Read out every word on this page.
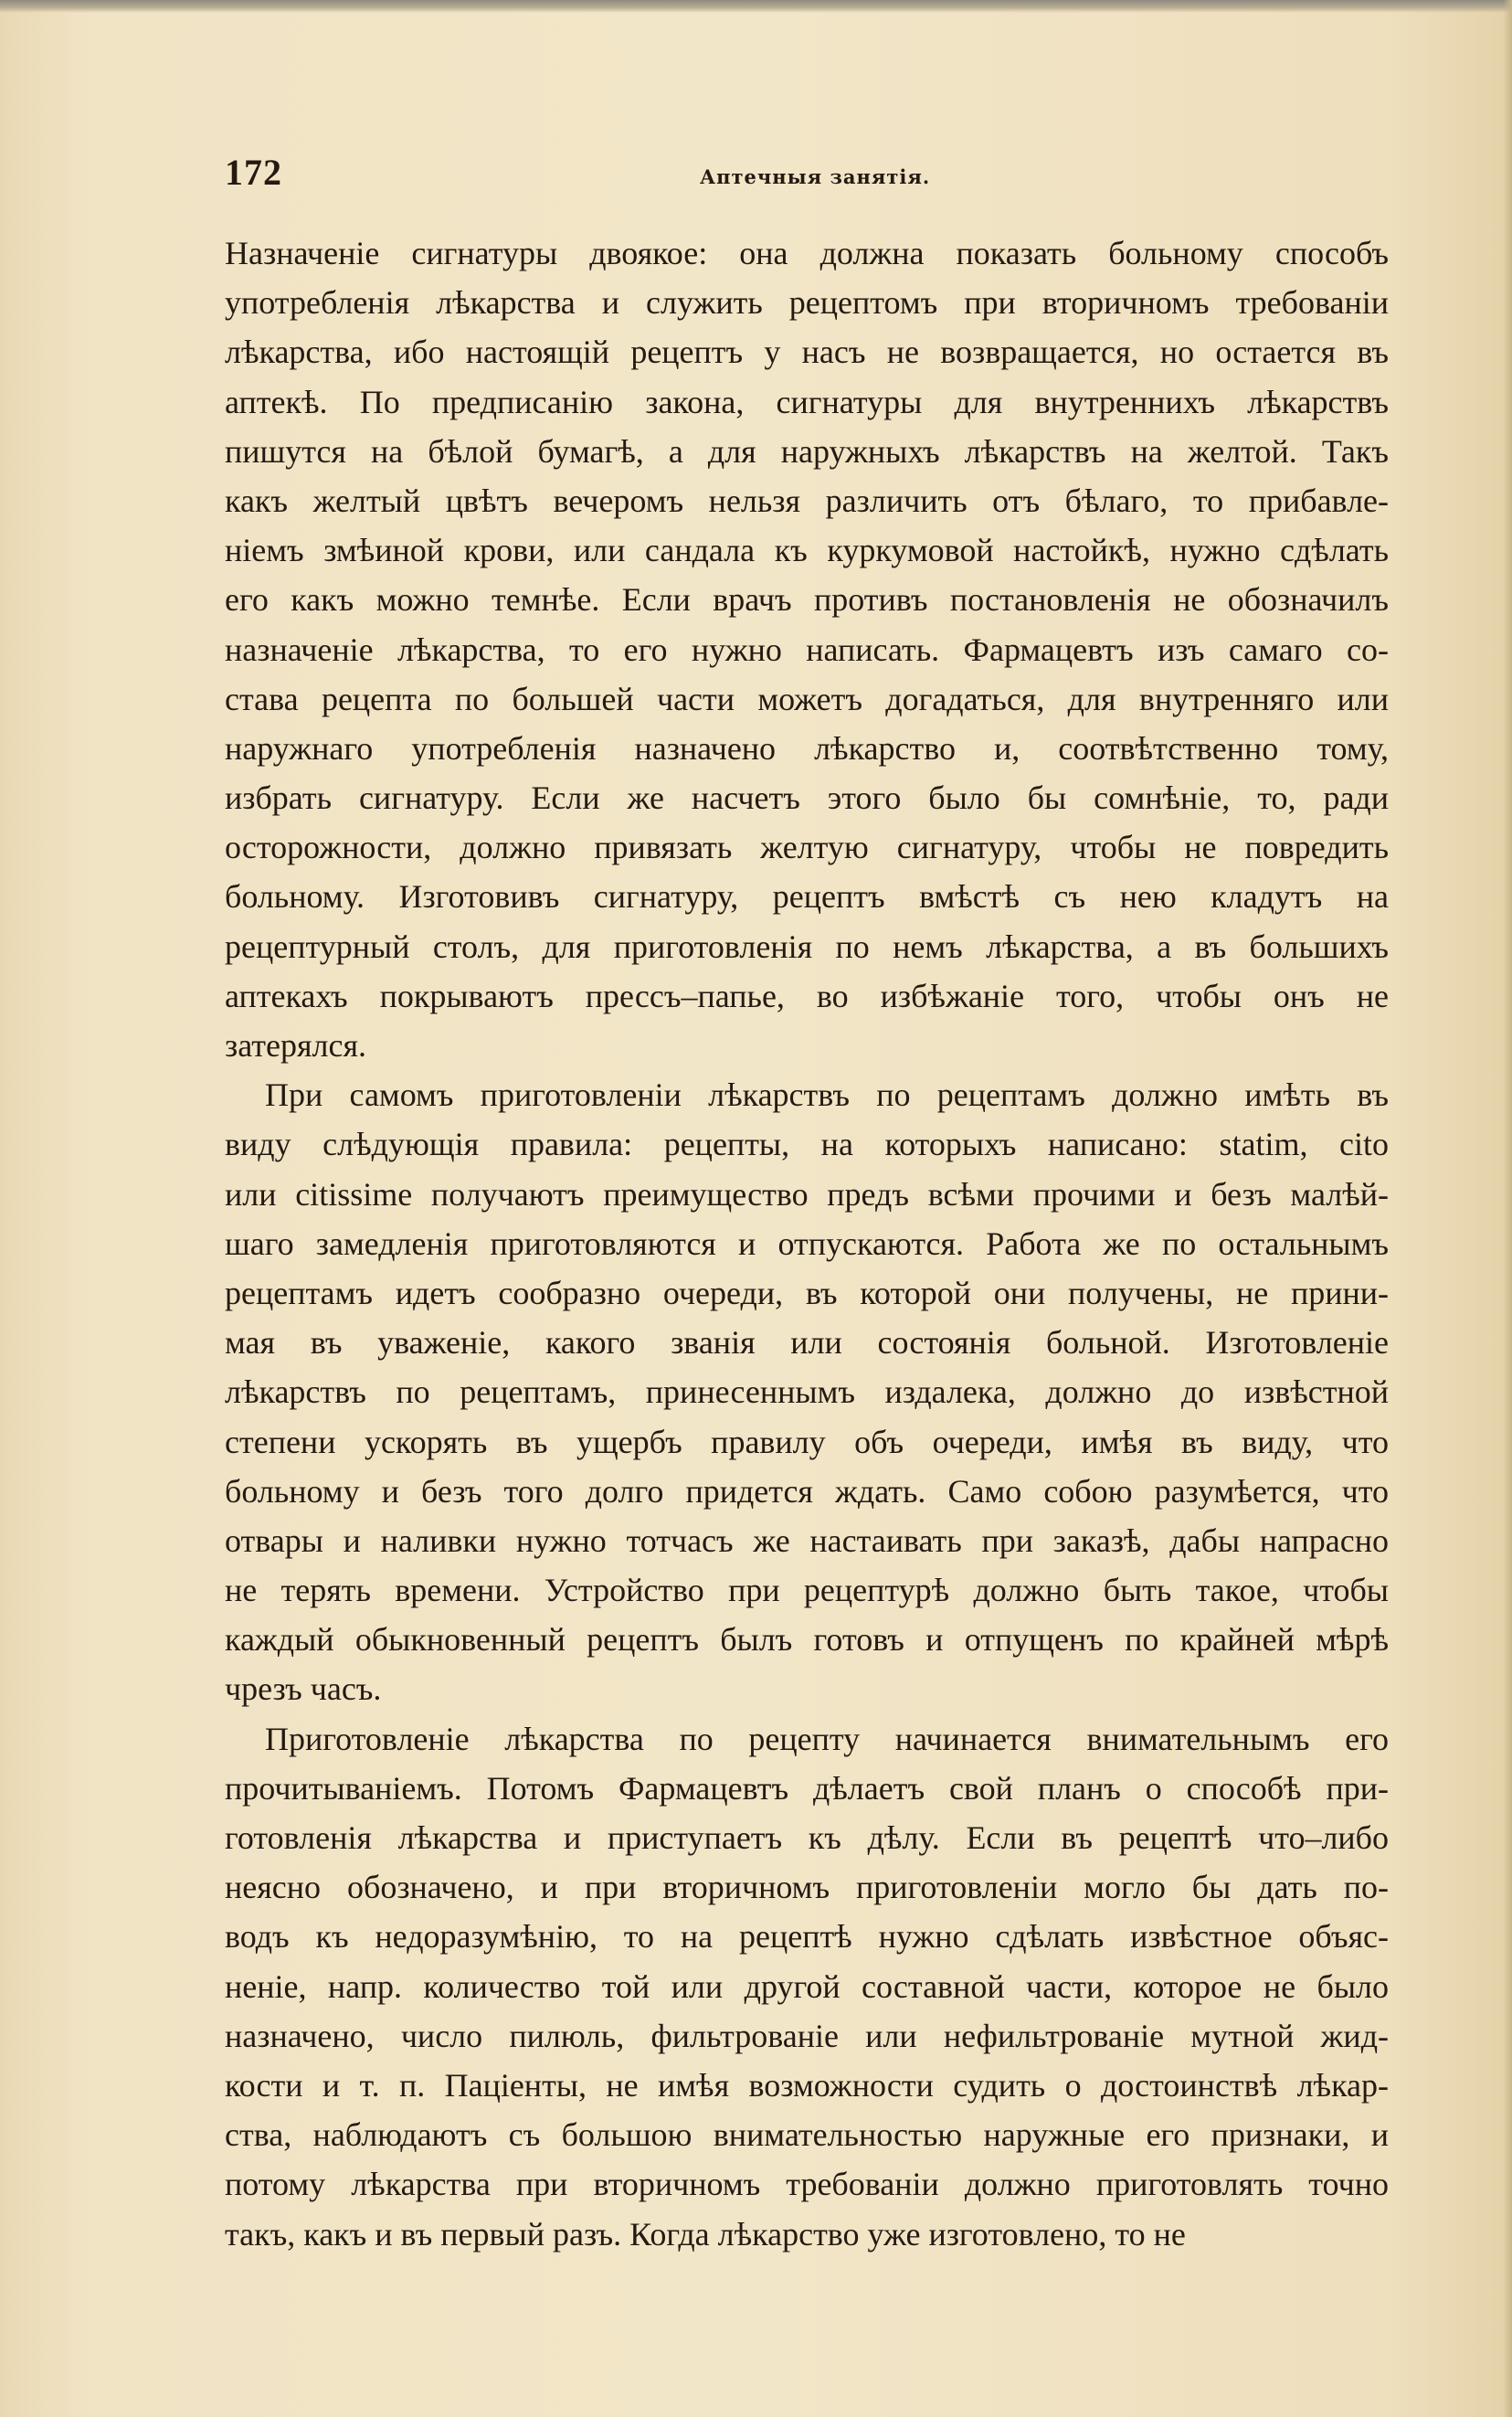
172	Аптечныя занятія.
Назначеніе сигнатуры двоякое: она должна показать больному способъ
употребленія лѣкарства и служить рецептомъ при вторичномъ требованіи
лѣкарства, ибо настоящій рецептъ у насъ не возвращается, но остается въ
аптекѣ. По предписанію закона, сигнатуры для внутреннихъ лѣкарствъ
пишутся на бѣлой бумагѣ, а для наружныхъ лѣкарствъ на желтой. Такъ
какъ желтый цвѣтъ вечеромъ нельзя различить отъ бѣлаго, то прибавле-
ніемъ змѣиной крови, или сандала къ куркумовой настойкѣ, нужно сдѣлать
его какъ можно темнѣе. Если врачъ противъ постановленія не обозначилъ
назначеніе лѣкарства, то его нужно написать. Фармацевтъ изъ самаго со-
става рецепта по большей части можетъ догадаться, для внутренняго или
наружнаго употребленія назначено лѣкарство и, соотвѣтственно тому,
избрать сигнатуру. Если же насчетъ этого было бы сомнѣніе, то, ради
осторожности, должно привязать желтую сигнатуру, чтобы не повредить
больному. Изготовивъ сигнатуру, рецептъ вмѣстѣ съ нею кладутъ на
рецептурный столъ, для приготовленія по немъ лѣкарства, а въ большихъ
аптекахъ покрываютъ прессъ–папье, во избѣжаніе того, чтобы онъ не
затерялся.
При самомъ приготовленіи лѣкарствъ по рецептамъ должно имѣть въ
виду слѣдующія правила: рецепты, на которыхъ написано: statim, cito
или citissime получаютъ преимущество предъ всѣми прочими и безъ малѣй-
шаго замедленія приготовляются и отпускаются. Работа же по остальнымъ
рецептамъ идетъ сообразно очереди, въ которой они получены, не прини-
мая въ уваженіе, какого званія или состоянія больной. Изготовленіе
лѣкарствъ по рецептамъ, принесеннымъ издалека, должно до извѣстной
степени ускорять въ ущербъ правилу объ очереди, имѣя въ виду, что
больному и безъ того долго придется ждать. Само собою разумѣется, что
отвары и наливки нужно тотчасъ же настаивать при заказѣ, дабы напрасно
не терять времени. Устройство при рецептурѣ должно быть такое, чтобы
каждый обыкновенный рецептъ былъ готовъ и отпущенъ по крайней мѣрѣ
чрезъ часъ.
Приготовленіе лѣкарства по рецепту начинается внимательнымъ его
прочитываніемъ. Потомъ Фармацевтъ дѣлаетъ свой планъ о способѣ при-
готовленія лѣкарства и приступаетъ къ дѣлу. Если въ рецептѣ что–либо
неясно обозначено, и при вторичномъ приготовленіи могло бы дать по-
водъ къ недоразумѣнію, то на рецептѣ нужно сдѣлать извѣстное объяс-
неніе, напр. количество той или другой составной части, которое не было
назначено, число пилюль, фильтрованіе или нефильтрованіе мутной жид-
кости и т. п. Паціенты, не имѣя возможности судить о достоинствѣ лѣкар-
ства, наблюдаютъ съ большою внимательностью наружные его признаки, и
потому лѣкарства при вторичномъ требованіи должно приготовлять точно
такъ, какъ и въ первый разъ. Когда лѣкарство уже изготовлено, то не
